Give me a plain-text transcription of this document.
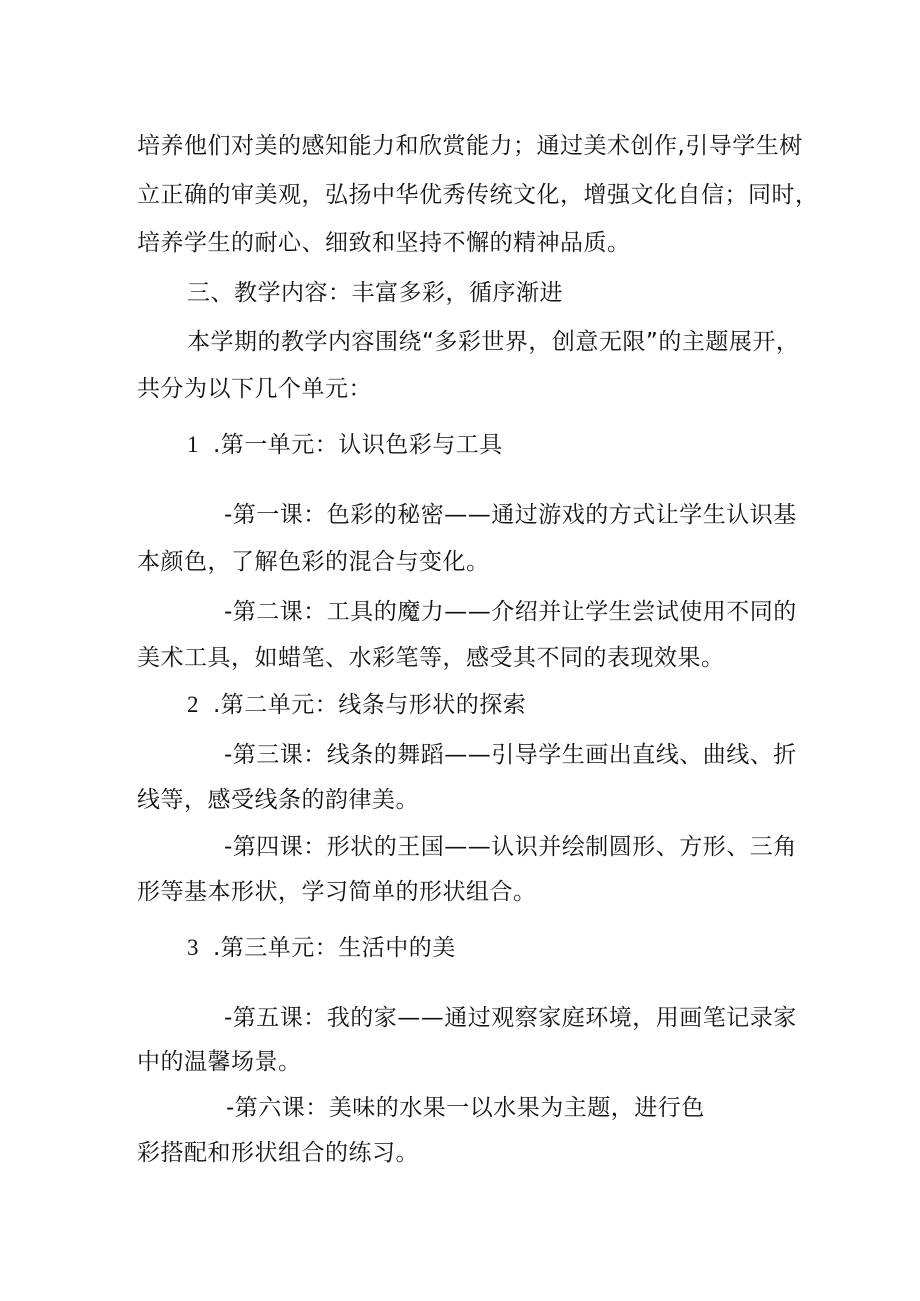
培养他们对美的感知能力和欣赏能力；通过美术创作,引导学生树
立正确的审美观，弘扬中华优秀传统文化，增强文化自信；同时，
培养学生的耐心、细致和坚持不懈的精神品质。
三、教学内容：丰富多彩，循序渐进
本学期的教学内容围绕“多彩世界，创意无限”的主题展开，
共分为以下几个单元：
1 .第一单元：认识色彩与工具
-第一课：色彩的秘密——通过游戏的方式让学生认识基
本颜色，了解色彩的混合与变化。
-第二课：工具的魔力——介绍并让学生尝试使用不同的
美术工具，如蜡笔、水彩笔等，感受其不同的表现效果。
2 .第二单元：线条与形状的探索
-第三课：线条的舞蹈——引导学生画出直线、曲线、折
线等，感受线条的韵律美。
-第四课：形状的王国——认识并绘制圆形、方形、三角
形等基本形状，学习简单的形状组合。
3 .第三单元：生活中的美
-第五课：我的家——通过观察家庭环境，用画笔记录家
中的温馨场景。
-第六课：美味的水果一以水果为主题，进行色
彩搭配和形状组合的练习。
